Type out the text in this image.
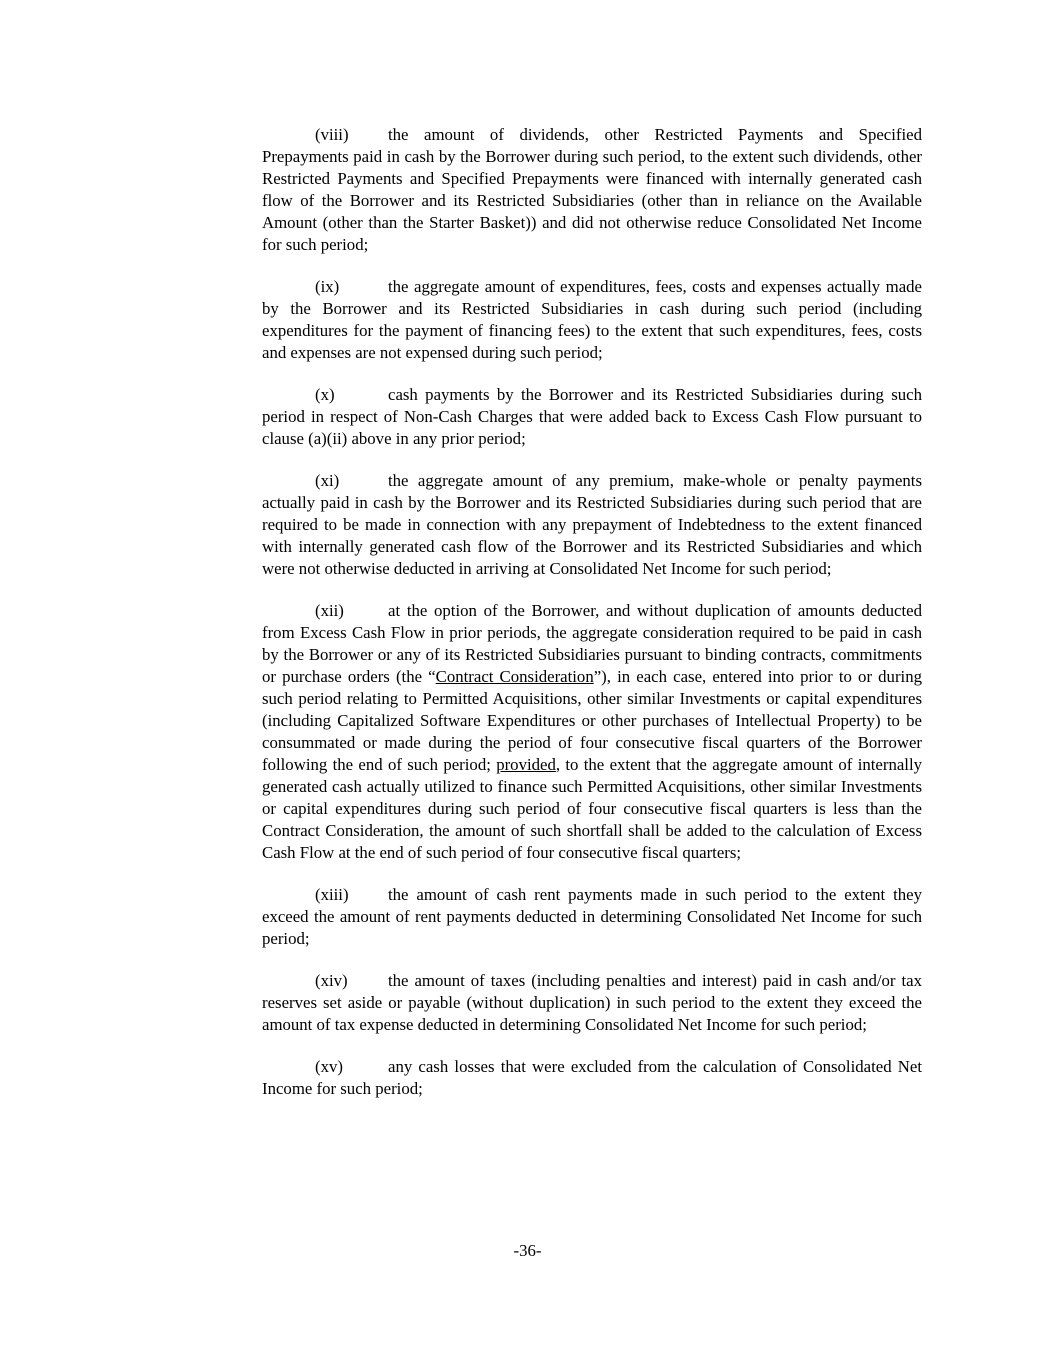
(viii) the amount of dividends, other Restricted Payments and Specified Prepayments paid in cash by the Borrower during such period, to the extent such dividends, other Restricted Payments and Specified Prepayments were financed with internally generated cash flow of the Borrower and its Restricted Subsidiaries (other than in reliance on the Available Amount (other than the Starter Basket)) and did not otherwise reduce Consolidated Net Income for such period;

(ix)	the aggregate amount of expenditures, fees, costs and expenses actually made by the Borrower and its Restricted Subsidiaries in cash during such period (including expenditures for the payment of financing fees) to the extent that such expenditures, fees, costs and expenses are not expensed during such period;

(x)	cash payments by the Borrower and its Restricted Subsidiaries during such period in respect of Non-Cash Charges that were added back to Excess Cash Flow pursuant to clause (a)(ii) above in any prior period;

(xi)	the aggregate amount of any premium, make-whole or penalty payments actually paid in cash by the Borrower and its Restricted Subsidiaries during such period that are required to be made in connection with any prepayment of Indebtedness to the extent financed with internally generated cash flow of the Borrower and its Restricted Subsidiaries and which were not otherwise deducted in arriving at Consolidated Net Income for such period;

(xii)	at the option of the Borrower, and without duplication of amounts deducted from Excess Cash Flow in prior periods, the aggregate consideration required to be paid in cash by the Borrower or any of its Restricted Subsidiaries pursuant to binding contracts, commitments or purchase orders (the “Contract Consideration”), in each case, entered into prior to or during such period relating to Permitted Acquisitions, other similar Investments or capital expenditures (including Capitalized Software Expenditures or other purchases of Intellectual Property) to be consummated or made during the period of four consecutive fiscal quarters of the Borrower following the end of such period; provided, to the extent that the aggregate amount of internally generated cash actually utilized to finance such Permitted Acquisitions, other similar Investments or capital expenditures during such period of four consecutive fiscal quarters is less than the Contract Consideration, the amount of such shortfall shall be added to the calculation of Excess Cash Flow at the end of such period of four consecutive fiscal quarters;

(xiii) the amount of cash rent payments made in such period to the extent they exceed the amount of rent payments deducted in determining Consolidated Net Income for such period;

(xiv) the amount of taxes (including penalties and interest) paid in cash and/or tax reserves set aside or payable (without duplication) in such period to the extent they exceed the amount of tax expense deducted in determining Consolidated Net Income for such period;

(xv)	any cash losses that were excluded from the calculation of Consolidated Net Income for such period;

-36-
